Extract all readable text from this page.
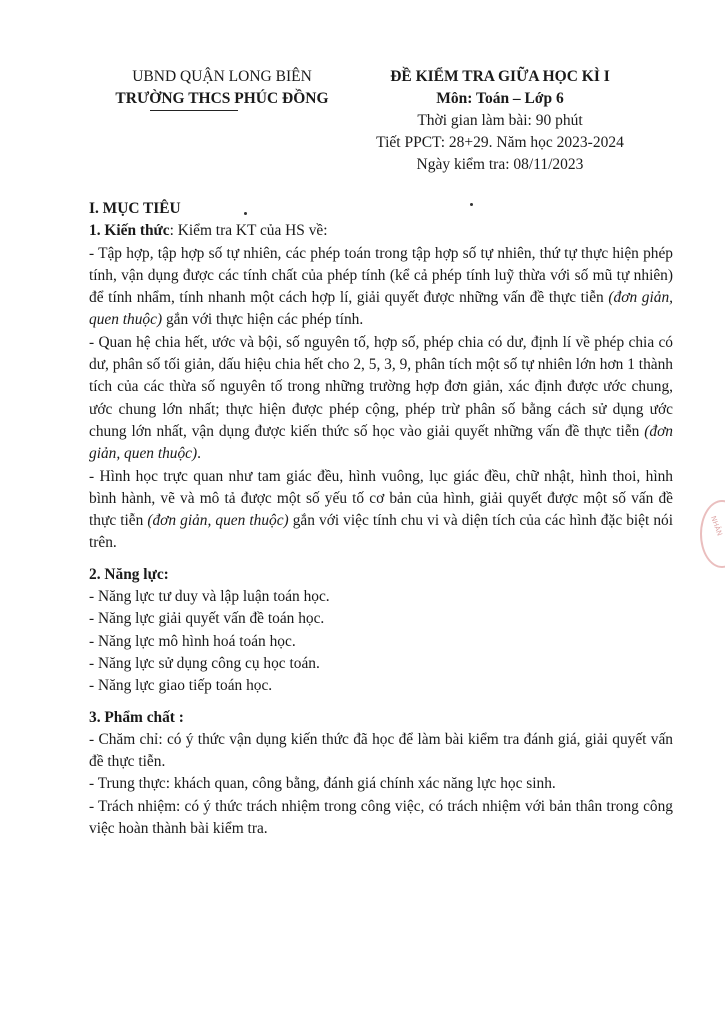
UBND QUẬN LONG BIÊN
TRƯỜNG THCS PHÚC ĐỒNG
ĐỀ KIỂM TRA GIỮA HỌC KÌ I
Môn: Toán – Lớp 6
Thời gian làm bài: 90 phút
Tiết PPCT: 28+29. Năm học 2023-2024
Ngày kiểm tra: 08/11/2023

I. MỤC TIÊU

1. Kiến thức: Kiểm tra KT của HS về:

- Tập hợp, tập hợp số tự nhiên, các phép toán trong tập hợp số tự nhiên, thứ tự thực hiện phép tính, vận dụng được các tính chất của phép tính (kể cả phép tính luỹ thừa với số mũ tự nhiên) để tính nhẩm, tính nhanh một cách hợp lí, giải quyết được những vấn đề thực tiễn (đơn giản, quen thuộc) gắn với thực hiện các phép tính.

- Quan hệ chia hết, ước và bội, số nguyên tố, hợp số, phép chia có dư, định lí về phép chia có dư, phân số tối giản, dấu hiệu chia hết cho 2, 5, 3, 9, phân tích một số tự nhiên lớn hơn 1 thành tích của các thừa số nguyên tố trong những trường hợp đơn giản, xác định được ước chung, ước chung lớn nhất; thực hiện được phép cộng, phép trừ phân số bằng cách sử dụng ước chung lớn nhất, vận dụng được kiến thức số học vào giải quyết những vấn đề thực tiễn (đơn giản, quen thuộc).

- Hình học trực quan như tam giác đều, hình vuông, lục giác đều, chữ nhật, hình thoi, hình bình hành, vẽ và mô tả được một số yếu tố cơ bản của hình, giải quyết được một số vấn đề thực tiễn (đơn giản, quen thuộc) gắn với việc tính chu vi và diện tích của các hình đặc biệt nói trên.

2. Năng lực:

- Năng lực tư duy và lập luận toán học.

- Năng lực giải quyết vấn đề toán học.

- Năng lực mô hình hoá toán học.

- Năng lực sử dụng công cụ học toán.

- Năng lực giao tiếp toán học.

3. Phẩm chất :

- Chăm chỉ: có ý thức vận dụng kiến thức đã học để làm bài kiểm tra đánh giá, giải quyết vấn đề thực tiễn.

- Trung thực: khách quan, công bằng, đánh giá chính xác năng lực học sinh.

- Trách nhiệm: có ý thức trách nhiệm trong công việc, có trách nhiệm với bản thân trong công việc hoàn thành bài kiểm tra.

NHÂN
